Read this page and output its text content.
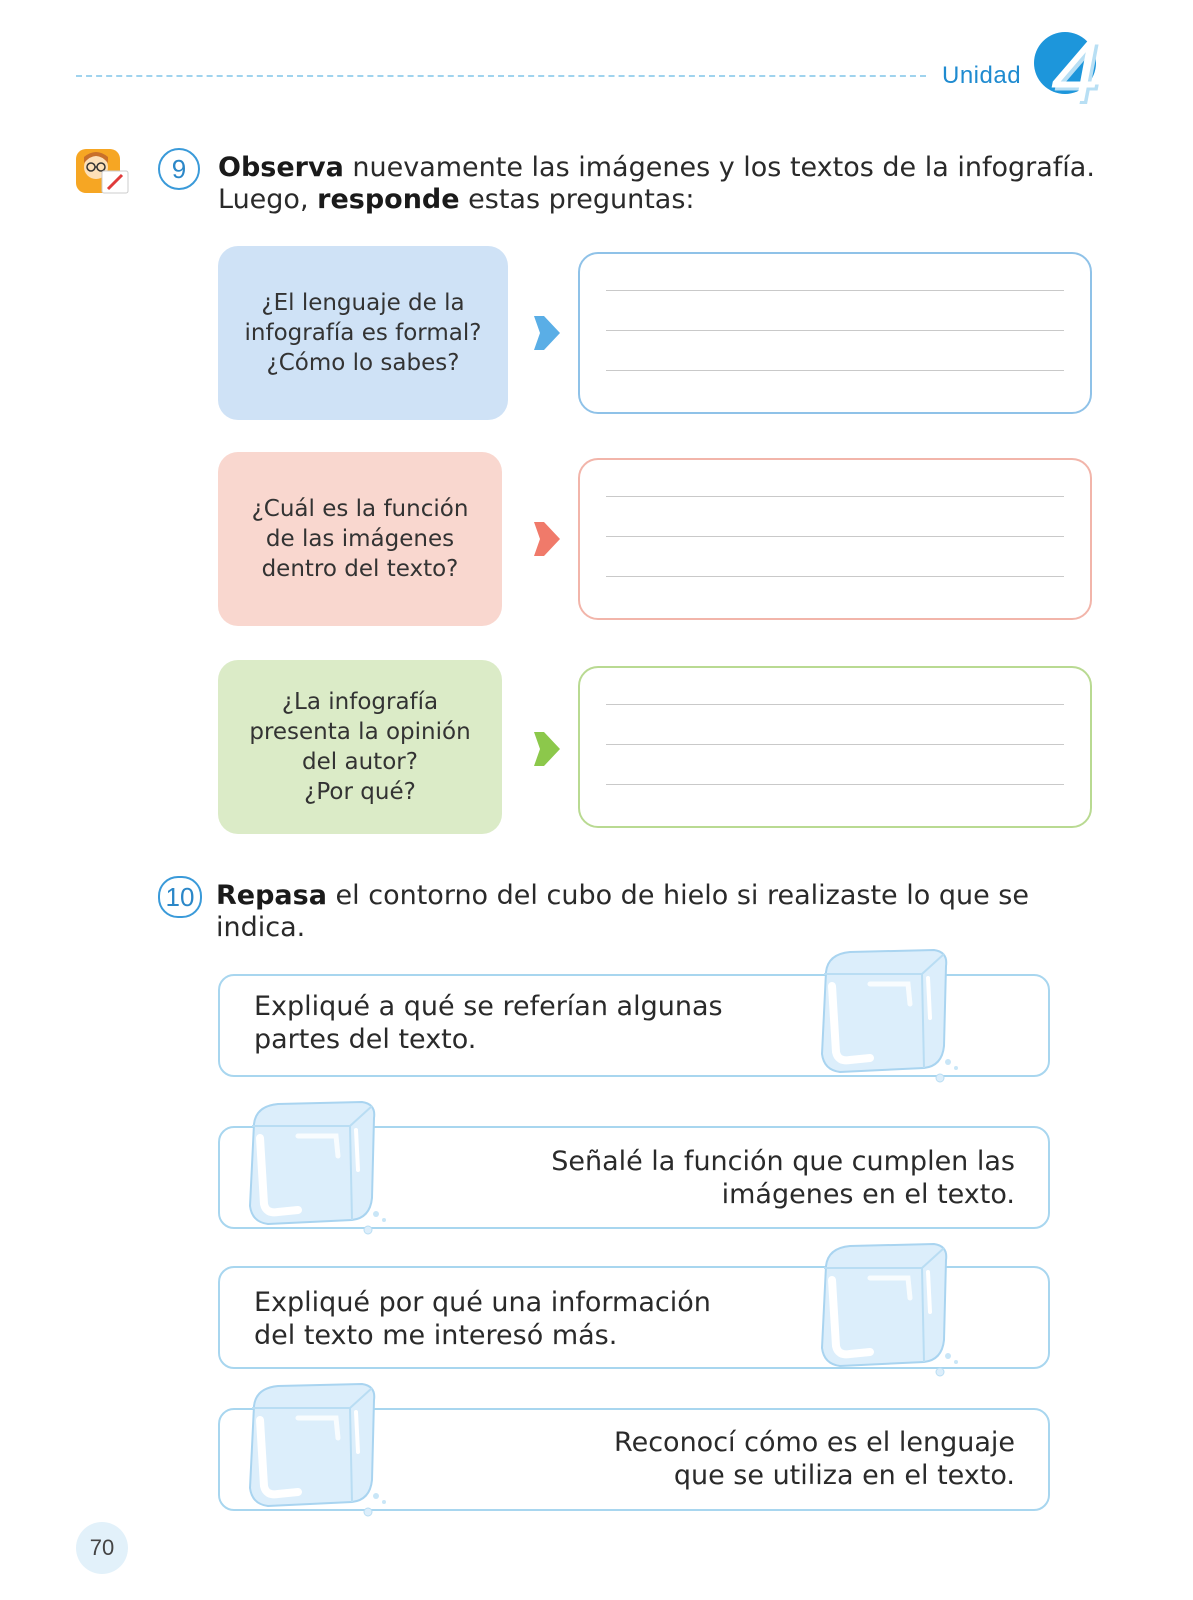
Unidad 4
9	Observa nuevamente las imágenes y los textos de la infografía.
Luego, responde estas preguntas:
¿El lenguaje de la
infografía es formal?
¿Cómo lo sabes?
¿Cuál es la función
de las imágenes
dentro del texto?
¿La infografía
presenta la opinión
del autor?
¿Por qué?
10 Repasa el contorno del cubo de hielo si realizaste lo que se indica.
Expliqué a qué se referían algunas
partes del texto.
Señalé la función que cumplen las
imágenes en el texto.
Expliqué por qué una información
del texto me interesó más.
Reconocí cómo es el lenguaje
que se utiliza en el texto.
70
